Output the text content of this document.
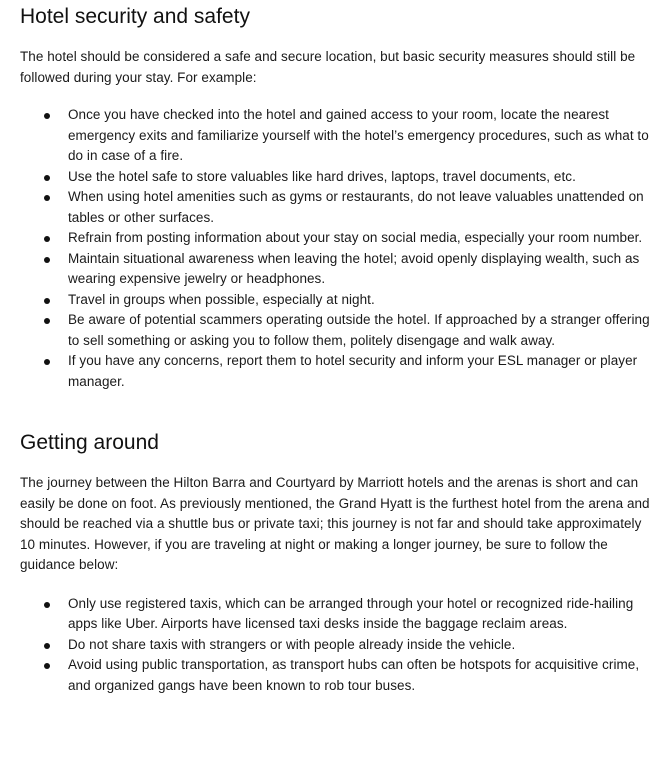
Hotel security and safety

The hotel should be considered a safe and secure location, but basic security measures should still be followed during your stay. For example:

Once you have checked into the hotel and gained access to your room, locate the nearest emergency exits and familiarize yourself with the hotel’s emergency procedures, such as what to do in case of a fire.
Use the hotel safe to store valuables like hard drives, laptops, travel documents, etc.
When using hotel amenities such as gyms or restaurants, do not leave valuables unattended on tables or other surfaces.
Refrain from posting information about your stay on social media, especially your room number.
Maintain situational awareness when leaving the hotel; avoid openly displaying wealth, such as wearing expensive jewelry or headphones.
Travel in groups when possible, especially at night.
Be aware of potential scammers operating outside the hotel. If approached by a stranger offering to sell something or asking you to follow them, politely disengage and walk away.
If you have any concerns, report them to hotel security and inform your ESL manager or player manager.
Getting around

The journey between the Hilton Barra and Courtyard by Marriott hotels and the arenas is short and can easily be done on foot. As previously mentioned, the Grand Hyatt is the furthest hotel from the arena and should be reached via a shuttle bus or private taxi; this journey is not far and should take approximately 10 minutes. However, if you are traveling at night or making a longer journey, be sure to follow the guidance below:

Only use registered taxis, which can be arranged through your hotel or recognized ride-hailing apps like Uber. Airports have licensed taxi desks inside the baggage reclaim areas.
Do not share taxis with strangers or with people already inside the vehicle.
Avoid using public transportation, as transport hubs can often be hotspots for acquisitive crime, and organized gangs have been known to rob tour buses.
